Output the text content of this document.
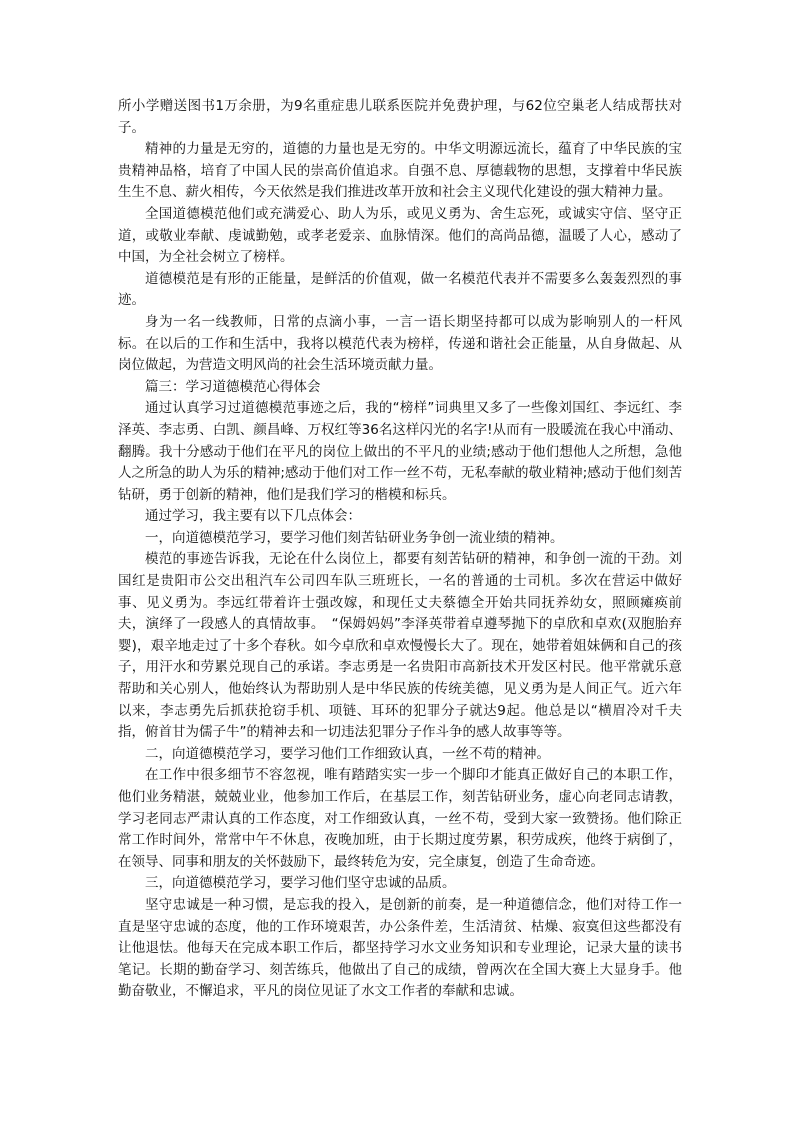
所小学赠送图书1万余册，为9名重症患儿联系医院并免费护理，与62位空巢老人结成帮扶对子。

精神的力量是无穷的，道德的力量也是无穷的。中华文明源远流长，蕴育了中华民族的宝贵精神品格，培育了中国人民的崇高价值追求。自强不息、厚德载物的思想，支撑着中华民族生生不息、薪火相传，今天依然是我们推进改革开放和社会主义现代化建设的强大精神力量。

全国道德模范他们或充满爱心、助人为乐，或见义勇为、舍生忘死，或诚实守信、坚守正道，或敬业奉献、虔诚勤勉，或孝老爱亲、血脉情深。他们的高尚品德，温暖了人心，感动了中国，为全社会树立了榜样。

道德模范是有形的正能量，是鲜活的价值观，做一名模范代表并不需要多么轰轰烈烈的事迹。

身为一名一线教师，日常的点滴小事，一言一语长期坚持都可以成为影响别人的一杆风标。在以后的工作和生活中，我将以模范代表为榜样，传递和谐社会正能量，从自身做起、从岗位做起，为营造文明风尚的社会生活环境贡献力量。

篇三：学习道德模范心得体会

通过认真学习过道德模范事迹之后，我的“榜样”词典里又多了一些像刘国红、李远红、李泽英、李志勇、白凯、颜昌峰、万权红等36名这样闪光的名字!从而有一股暖流在我心中涌动、翻腾。我十分感动于他们在平凡的岗位上做出的不平凡的业绩;感动于他们想他人之所想，急他人之所急的助人为乐的精神;感动于他们对工作一丝不苟，无私奉献的敬业精神;感动于他们刻苦钻研，勇于创新的精神，他们是我们学习的楷模和标兵。

通过学习，我主要有以下几点体会：

一，向道德模范学习，要学习他们刻苦钻研业务争创一流业绩的精神。

模范的事迹告诉我，无论在什么岗位上，都要有刻苦钻研的精神，和争创一流的干劲。刘国红是贵阳市公交出租汽车公司四车队三班班长，一名的普通的士司机。多次在营运中做好事、见义勇为。李远红带着许士强改嫁，和现任丈夫蔡德全开始共同抚养幼女，照顾瘫痪前夫，演绎了一段感人的真情故事。　“保姆妈妈”李泽英带着卓遵琴抛下的卓欣和卓欢(双胞胎弃婴)，艰辛地走过了十多个春秋。如今卓欣和卓欢慢慢长大了。现在，她带着姐妹俩和自己的孩子，用汗水和劳累兑现自己的承诺。李志勇是一名贵阳市高新技术开发区村民。他平常就乐意帮助和关心别人，他始终认为帮助别人是中华民族的传统美德，见义勇为是人间正气。近六年以来，李志勇先后抓获抢窃手机、项链、耳环的犯罪分子就达9起。他总是以“横眉冷对千夫指，俯首甘为儒子牛”的精神去和一切违法犯罪分子作斗争的感人故事等等。

二，向道德模范学习，要学习他们工作细致认真，一丝不苟的精神。

在工作中很多细节不容忽视，唯有踏踏实实一步一个脚印才能真正做好自己的本职工作，他们业务精湛，兢兢业业，他参加工作后，在基层工作，刻苦钻研业务，虚心向老同志请教，学习老同志严肃认真的工作态度，对工作细致认真，一丝不苟，受到大家一致赞扬。他们除正常工作时间外，常常中午不休息，夜晚加班，由于长期过度劳累，积劳成疾，他终于病倒了，在领导、同事和朋友的关怀鼓励下，最终转危为安，完全康复，创造了生命奇迹。

三，向道德模范学习，要学习他们坚守忠诚的品质。

坚守忠诚是一种习惯，是忘我的投入，是创新的前奏，是一种道德信念，他们对待工作一直是坚守忠诚的态度，他的工作环境艰苦，办公条件差，生活清贫、枯燥、寂寞但这些都没有让他退怯。他每天在完成本职工作后，都坚持学习水文业务知识和专业理论，记录大量的读书笔记。长期的勤奋学习、刻苦练兵，他做出了自己的成绩，曾两次在全国大赛上大显身手。他勤奋敬业，不懈追求，平凡的岗位见证了水文工作者的奉献和忠诚。
